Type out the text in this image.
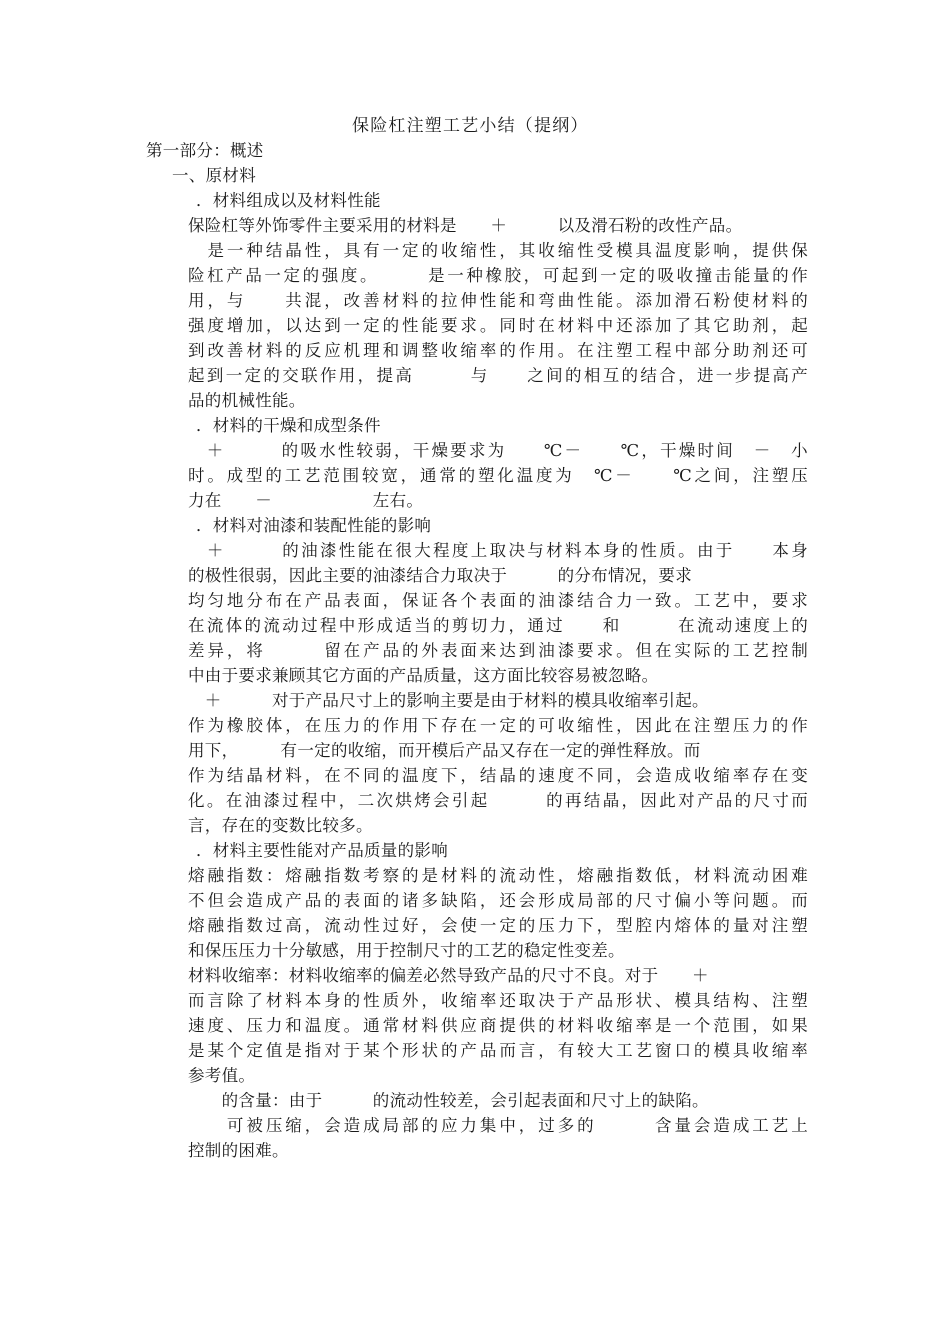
保险杠注塑工艺小结（提纲）
第一部分：概述
一、原材料
．材料组成以及材料性能
保险杠等外饰零件主要采用的材料是　　＋　　　以及滑石粉的改性产品。
　是一种结晶性，具有一定的收缩性，其收缩性受模具温度影响，提供保
险杠产品一定的强度。　　　是一种橡胶，可起到一定的吸收撞击能量的作
用，与　　共混，改善材料的拉伸性能和弯曲性能。添加滑石粉使材料的
强度增加，以达到一定的性能要求。同时在材料中还添加了其它助剂，起
到改善材料的反应机理和调整收缩率的作用。在注塑工程中部分助剂还可
起到一定的交联作用，提高　　　与　　之间的相互的结合，进一步提高产
品的机械性能。
．材料的干燥和成型条件
　＋　　　的吸水性较弱，干燥要求为　　℃－　　℃，干燥时间　－　小
时。成型的工艺范围较宽，通常的塑化温度为　℃－　　℃之间，注塑压
力在　　－　　　　　　左右。
．材料对油漆和装配性能的影响
　＋　　　的油漆性能在很大程度上取决与材料本身的性质。由于　　本身
的极性很弱，因此主要的油漆结合力取决于　　　的分布情况，要求
均匀地分布在产品表面，保证各个表面的油漆结合力一致。工艺中，要求
在流体的流动过程中形成适当的剪切力，通过　　和　　　在流动速度上的
差异，将　　　留在产品的外表面来达到油漆要求。但在实际的工艺控制
中由于要求兼顾其它方面的产品质量，这方面比较容易被忽略。
　＋　　　对于产品尺寸上的影响主要是由于材料的模具收缩率引起。
作为橡胶体，在压力的作用下存在一定的可收缩性，因此在注塑压力的作
用下，　　　有一定的收缩，而开模后产品又存在一定的弹性释放。而
作为结晶材料，在不同的温度下，结晶的速度不同，会造成收缩率存在变
化。在油漆过程中，二次烘烤会引起　　　的再结晶，因此对产品的尺寸而
言，存在的变数比较多。
．材料主要性能对产品质量的影响
熔融指数：熔融指数考察的是材料的流动性，熔融指数低，材料流动困难
不但会造成产品的表面的诸多缺陷，还会形成局部的尺寸偏小等问题。而
熔融指数过高，流动性过好，会使一定的压力下，型腔内熔体的量对注塑
和保压压力十分敏感，用于控制尺寸的工艺的稳定性变差。
材料收缩率：材料收缩率的偏差必然导致产品的尺寸不良。对于　　＋
而言除了材料本身的性质外，收缩率还取决于产品形状、模具结构、注塑
速度、压力和温度。通常材料供应商提供的材料收缩率是一个范围，如果
是某个定值是指对于某个形状的产品而言，有较大工艺窗口的模具收缩率
参考值。
　　的含量：由于　　　的流动性较差，会引起表面和尺寸上的缺陷。
　　可被压缩，会造成局部的应力集中，过多的　　　含量会造成工艺上
控制的困难。
